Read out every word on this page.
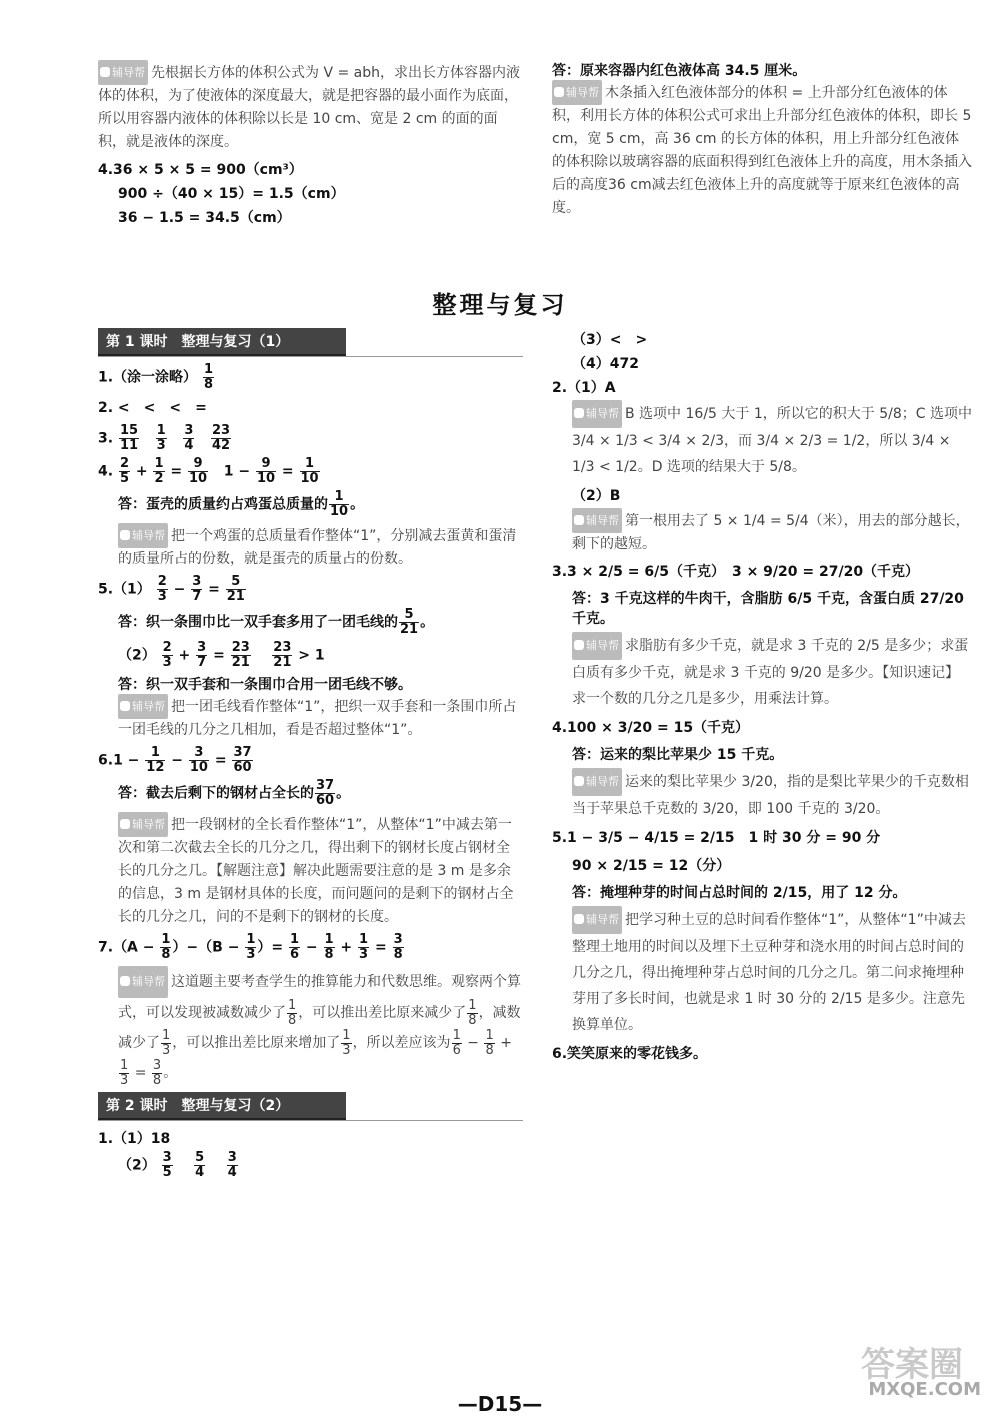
辅导帮 先根据长方体的体积公式为 V = abh，求出长方体容器内液体的体积，为了使液体的深度最大，就是把容器的最小面作为底面，所以用容器内液体的体积除以长是 10 cm、宽是 2 cm 的面的面积，就是液体的深度。
4.36 × 5 × 5 = 900（cm³）
900 ÷（40 × 15）= 1.5（cm）
36 − 1.5 = 34.5（cm）
答：原来容器内红色液体高 34.5 厘米。
辅导帮 木条插入红色液体部分的体积 = 上升部分红色液体的体积，利用长方体的体积公式可求出上升部分红色液体的体积，即长 5 cm，宽 5 cm，高 36 cm 的长方体的体积，用上升部分红色液体的体积除以玻璃容器的底面积得到红色液体上升的高度，用木条插入后的高度36 cm减去红色液体上升的高度就等于原来红色液体的高度。
整理与复习
第 1 课时　整理与复习（1）
1.（涂一涂略） $\frac{1}{8}$
2. <　<　<　=
3. $\frac{15}{11}$
$\frac{1}{3}$
$\frac{3}{4}$
$\frac{23}{42}$
4. $\frac{2}{5} + \frac{1}{2} = \frac{9}{10} 1 - \frac{9}{10} = \frac{1}{10}$
答：蛋壳的质量约占鸡蛋总质量的 $\frac{1}{10}$ 。
辅导帮 把一个鸡蛋的总质量看作整体“1”，分别减去蛋黄和蛋清的质量所占的份数，就是蛋壳的质量占的份数。
$5.(1) \frac{2}{3} - \frac{3}{7} = \frac{5}{21}$
答：织一条围巾比一双手套多用了一团毛线的 $\frac{5}{21}$ 。
$(2) \frac{2}{3} + \frac{3}{7} = \frac{23}{21}$
$\frac{23}{21} > 1$
答：织一双手套和一条围巾合用一团毛线不够。
辅导帮 把一团毛线看作整体“1”，把织一双手套和一条围巾所占一团毛线的几分之几相加，看是否超过整体“1”。
$6.1 - \frac{1}{12} - \frac{3}{10} = \frac{37}{60}$
答：截去后剩下的钢材占全长的 $\frac{37}{60}$ 。
辅导帮 把一段钢材的全长看作整体“1”，从整体“1”中减去第一次和第二次截去全长的几分之几，得出剩下的钢材长度占钢材全长的几分之几。【解题注意】解决此题需要注意的是 3 m 是多余的信息，3 m 是钢材具体的长度，而问题问的是剩下的钢材占全长的几分之几，问的不是剩下的钢材的长度。
$7.(A - \frac{1}{8} )-(B - \frac{1}{3}$ ）= $\frac{1}{6} - \frac{1}{8} + \frac{1}{3} = \frac{3}{8}$
辅导帮 这道题主要考查学生的推算能力和代数思维。观察两个算式，可以发现被减数减少了 $\frac{1}{8}$ ，可以推出差比原来减少了 $\frac{1}{8}$ ，减数减少了 $\frac{1}{3}$ ，可以推出差比原来增加了 $\frac{1}{3}$ ，所以差应该为 $\frac{1}{6} - \frac{1}{8}$ +
$\frac{1}{3} = \frac{3}{8}$ 。
第 2 课时　整理与复习（2）
1.（1）18
$(2) \frac{3}{5}$
$\frac{5}{4}$
$\frac{3}{4}$
（3）<　>
（4）472
2.（1）A
辅导帮 B 选项中 16/5 大于 1，所以它的积大于 5/8；C 选项中 3/4 × 1/3 < 3/4 × 2/3，而 3/4 × 2/3 = 1/2，所以 3/4 × 1/3 < 1/2。D 选项的结果大于 5/8。
（2）B
辅导帮 第一根用去了 5 × 1/4 = 5/4（米），用去的部分越长，剩下的越短。
3.3 × 2/5 = 6/5（千克）　3 × 9/20 = 27/20（千克）
答：3 千克这样的牛肉干，含脂肪 6/5 千克，含蛋白质 27/20 千克。
辅导帮 求脂肪有多少千克，就是求 3 千克的 2/5 是多少；求蛋白质有多少千克，就是求 3 千克的 9/20 是多少。【知识速记】求一个数的几分之几是多少，用乘法计算。
4.100 × 3/20 = 15（千克）
答：运来的梨比苹果少 15 千克。
辅导帮 运来的梨比苹果少 3/20，指的是梨比苹果少的千克数相当于苹果总千克数的 3/20，即 100 千克的 3/20。
5.1 − 3/5 − 4/15 = 2/15　1 时 30 分 = 90 分
90 × 2/15 = 12（分）
答：掩埋种芽的时间占总时间的 2/15，用了 12 分。
辅导帮 把学习种土豆的总时间看作整体“1”，从整体“1”中减去整理土地用的时间以及埋下土豆种芽和浇水用的时间占总时间的几分之几，得出掩埋种芽占总时间的几分之几。第二问求掩埋种芽用了多长时间，也就是求 1 时 30 分的 2/15 是多少。注意先换算单位。
6.笑笑原来的零花钱多。
—D15—
答案圈
MXQE.COM
